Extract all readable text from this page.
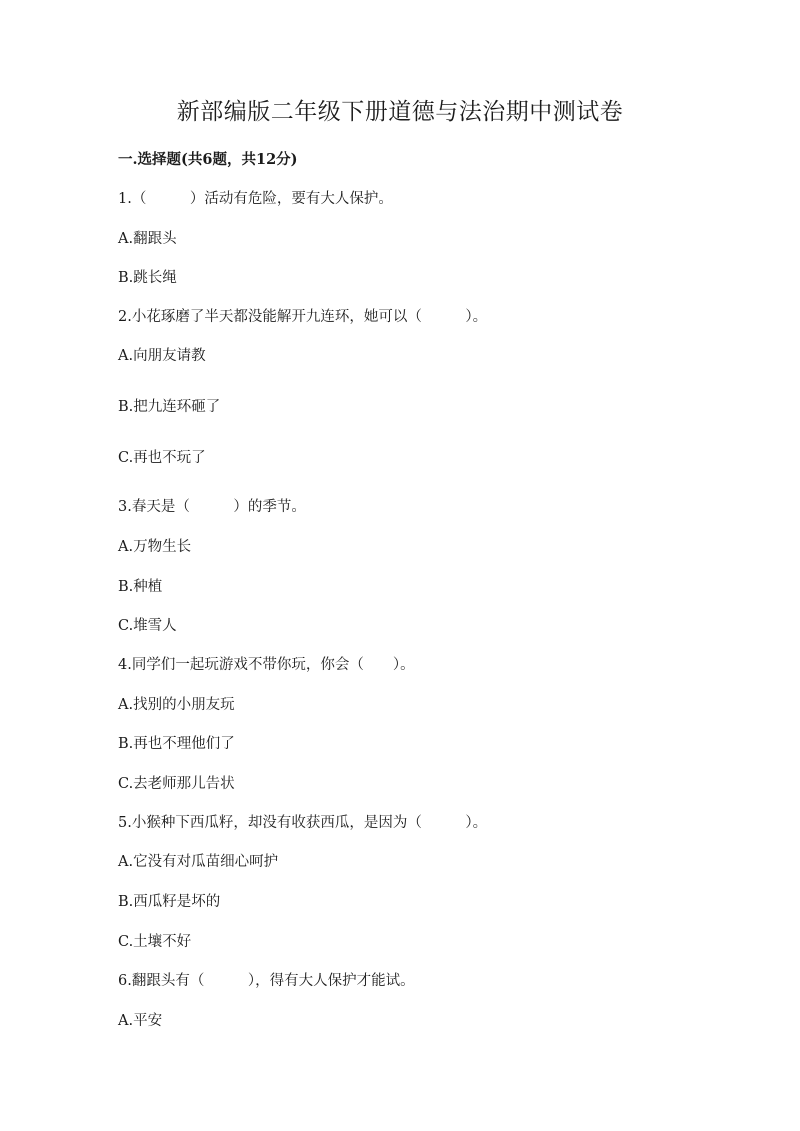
新部编版二年级下册道德与法治期中测试卷
一.选择题(共6题，共12分)
1.（　　　）活动有危险，要有大人保护。
A.翻跟头
B.跳长绳
2.小花琢磨了半天都没能解开九连环，她可以（　　　）。
A.向朋友请教
B.把九连环砸了
C.再也不玩了
3.春天是（　　　）的季节。
A.万物生长
B.种植
C.堆雪人
4.同学们一起玩游戏不带你玩，你会（　　）。
A.找别的小朋友玩
B.再也不理他们了
C.去老师那儿告状
5.小猴种下西瓜籽，却没有收获西瓜，是因为（　　　）。
A.它没有对瓜苗细心呵护
B.西瓜籽是坏的
C.土壤不好
6.翻跟头有（　　　），得有大人保护才能试。
A.平安
